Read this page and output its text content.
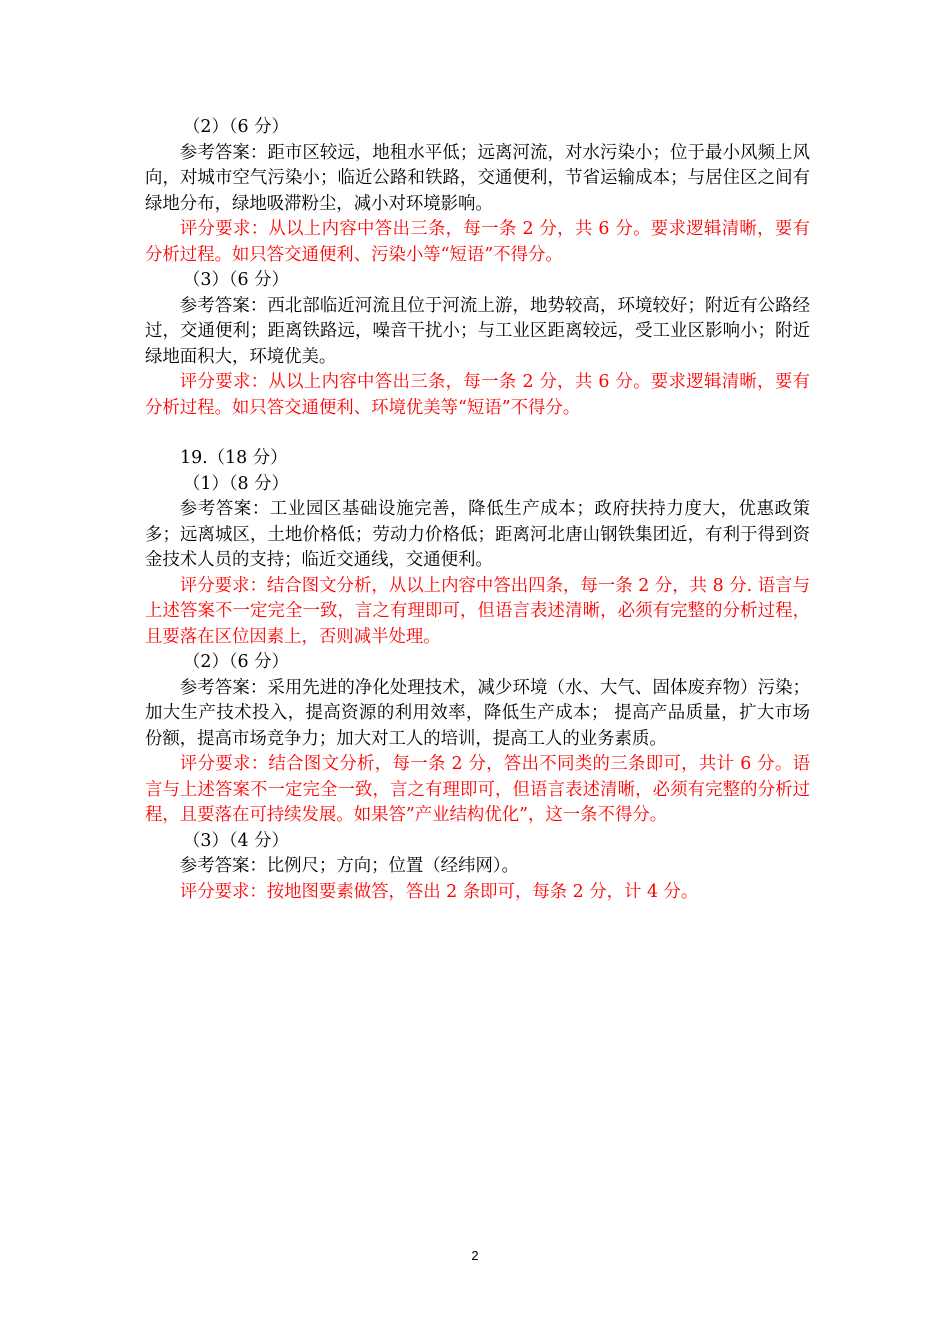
（2）（6 分）

参考答案：距市区较远，地租水平低；远离河流，对水污染小；位于最小风频上风向，对城市空气污染小；临近公路和铁路，交通便利，节省运输成本；与居住区之间有绿地分布，绿地吸滞粉尘，减小对环境影响。

评分要求：从以上内容中答出三条，每一条 2 分，共 6 分。要求逻辑清晰，要有分析过程。如只答交通便利、污染小等“短语”不得分。

（3）（6 分）

参考答案：西北部临近河流且位于河流上游，地势较高，环境较好；附近有公路经过，交通便利；距离铁路远，噪音干扰小；与工业区距离较远，受工业区影响小；附近绿地面积大，环境优美。

评分要求：从以上内容中答出三条，每一条 2 分，共 6 分。要求逻辑清晰，要有分析过程。如只答交通便利、环境优美等“短语”不得分。

19.（18 分）

（1）（8 分）

参考答案：工业园区基础设施完善，降低生产成本；政府扶持力度大，优惠政策多；远离城区，土地价格低；劳动力价格低；距离河北唐山钢铁集团近，有利于得到资金技术人员的支持；临近交通线，交通便利。

评分要求：结合图文分析，从以上内容中答出四条，每一条 2 分，共 8 分. 语言与上述答案不一定完全一致，言之有理即可，但语言表述清晰，必须有完整的分析过程，且要落在区位因素上，否则减半处理。

（2）（6 分）

参考答案：采用先进的净化处理技术，减少环境（水、大气、固体废弃物）污染；加大生产技术投入，提高资源的利用效率，降低生产成本； 提高产品质量，扩大市场份额，提高市场竞争力；加大对工人的培训，提高工人的业务素质。

评分要求：结合图文分析，每一条 2 分，答出不同类的三条即可，共计 6 分。语言与上述答案不一定完全一致，言之有理即可，但语言表述清晰，必须有完整的分析过程，且要落在可持续发展。如果答”产业结构优化”，这一条不得分。

（3）（4 分）

参考答案：比例尺；方向；位置（经纬网）。

评分要求：按地图要素做答，答出 2 条即可，每条 2 分，计 4 分。

2
